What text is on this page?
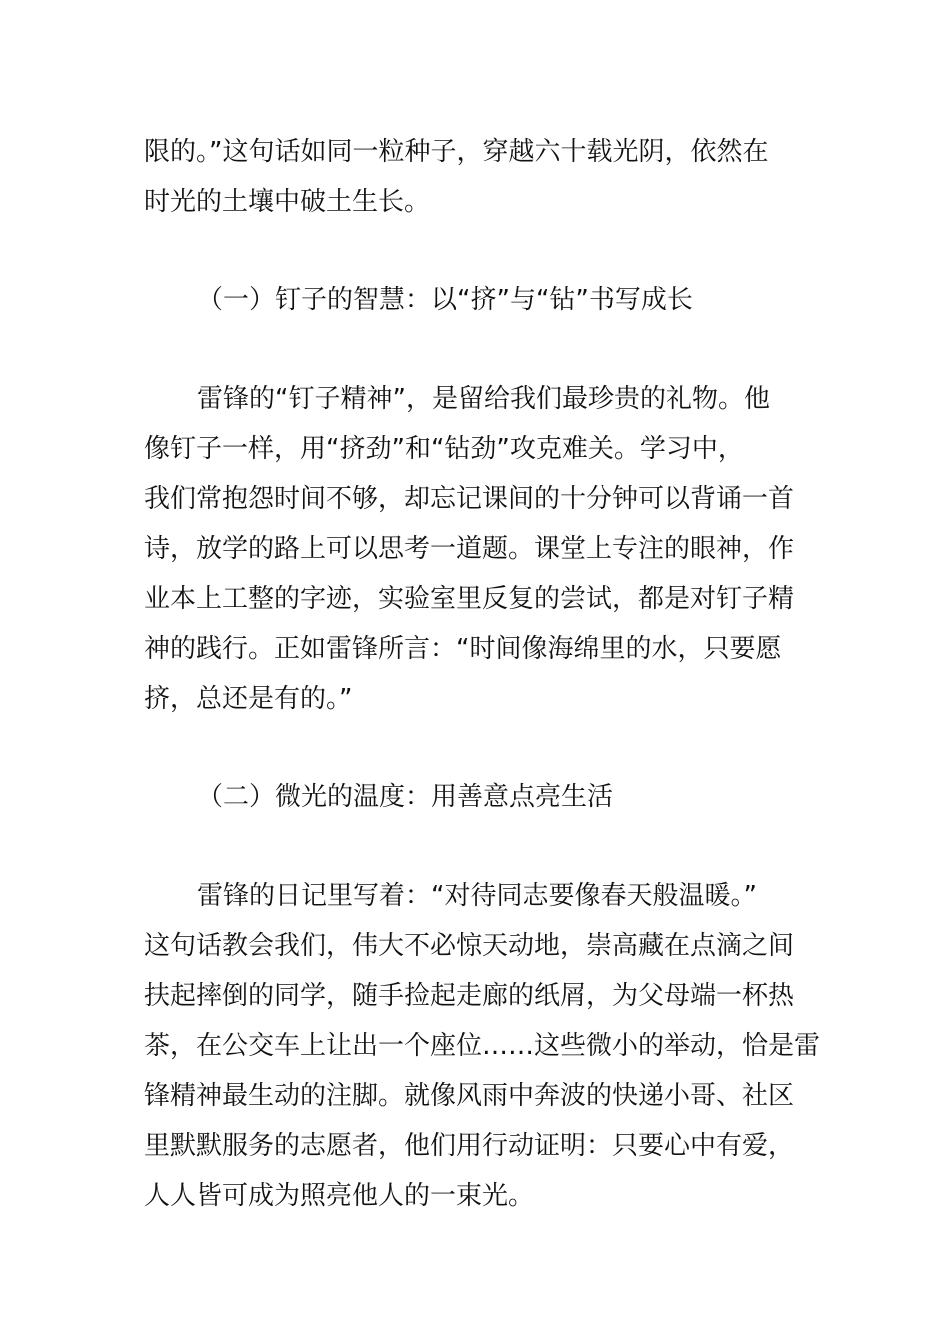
限的。”这句话如同一粒种子，穿越六十载光阴，依然在
时光的土壤中破土生长。
（一）钉子的智慧：以“挤”与“钻”书写成长
雷锋的“钉子精神”，是留给我们最珍贵的礼物。他
像钉子一样，用“挤劲”和“钻劲”攻克难关。学习中，
我们常抱怨时间不够，却忘记课间的十分钟可以背诵一首
诗，放学的路上可以思考一道题。课堂上专注的眼神，作
业本上工整的字迹，实验室里反复的尝试，都是对钉子精
神的践行。正如雷锋所言：“时间像海绵里的水，只要愿
挤，总还是有的。”
（二）微光的温度：用善意点亮生活
雷锋的日记里写着：“对待同志要像春天般温暖。”
这句话教会我们，伟大不必惊天动地，崇高藏在点滴之间
扶起摔倒的同学，随手捡起走廊的纸屑，为父母端一杯热
茶，在公交车上让出一个座位……这些微小的举动，恰是雷
锋精神最生动的注脚。就像风雨中奔波的快递小哥、社区
里默默服务的志愿者，他们用行动证明：只要心中有爱，
人人皆可成为照亮他人的一束光。
